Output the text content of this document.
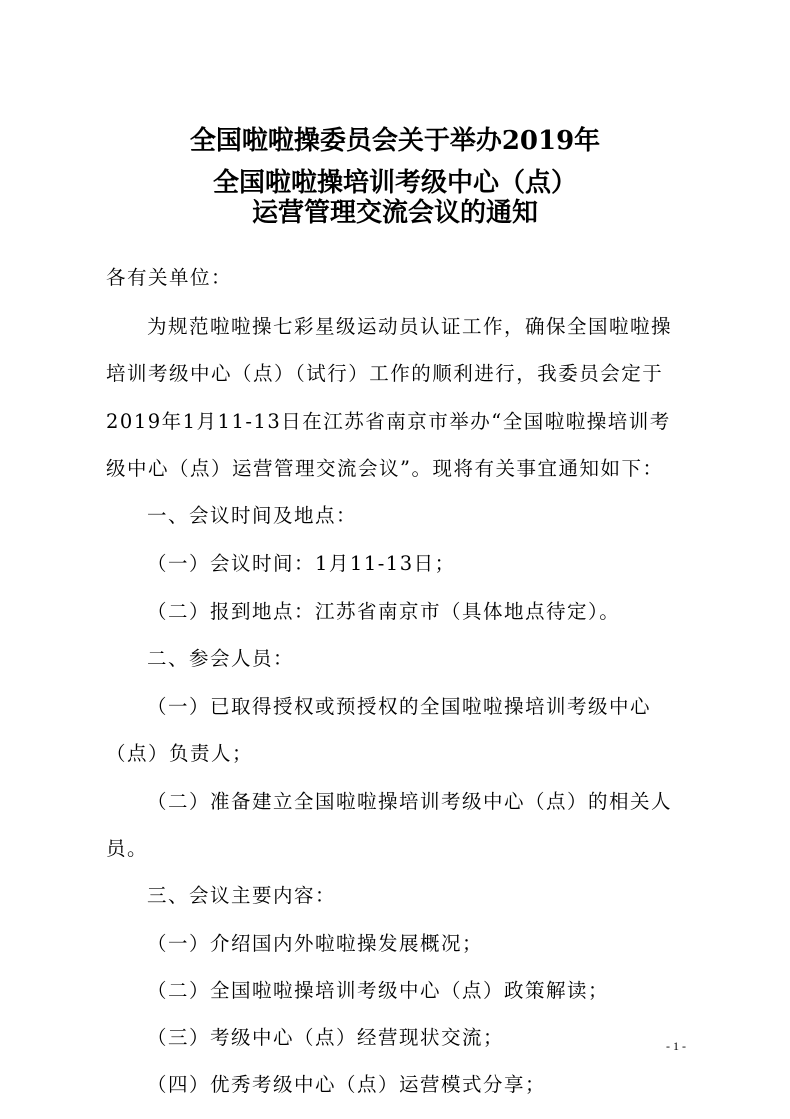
全国啦啦操委员会关于举办2019年
全国啦啦操培训考级中心（点）
运营管理交流会议的通知

各有关单位：

为规范啦啦操七彩星级运动员认证工作，确保全国啦啦操

培训考级中心（点）（试行）工作的顺利进行，我委员会定于

2019年1月11-13日在江苏省南京市举办“全国啦啦操培训考

级中心（点）运营管理交流会议”。现将有关事宜通知如下：

一、会议时间及地点：

（一）会议时间：1月11-13日；

（二）报到地点：江苏省南京市（具体地点待定）。

二、参会人员：

（一）已取得授权或预授权的全国啦啦操培训考级中心

（点）负责人；

（二）准备建立全国啦啦操培训考级中心（点）的相关人

员。

三、会议主要内容：

（一）介绍国内外啦啦操发展概况；

（二）全国啦啦操培训考级中心（点）政策解读；

（三）考级中心（点）经营现状交流；

（四）优秀考级中心（点）运营模式分享；

- 1 -
